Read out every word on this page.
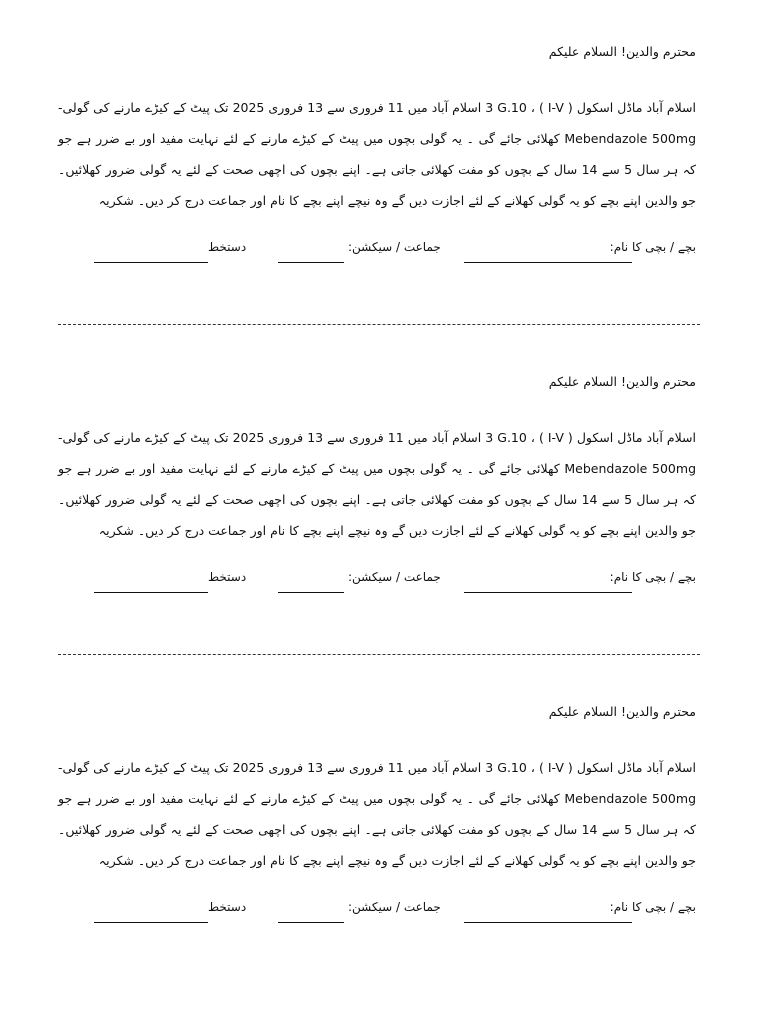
محترم والدین! السلام علیکم

اسلام آباد ماڈل اسکول ( I-V ) ، 3 G.10 اسلام آباد میں 11 فروری سے 13 فروری 2025 تک پیٹ کے کیڑے مارنے کی گولی- Mebendazole 500mg کھلائی جائے گی ۔ یہ گولی بچوں میں پیٹ کے کیڑے مارنے کے لئے نہایت مفید اور بے ضرر ہے جو کہ ہر سال 5 سے 14 سال کے بچوں کو مفت کھلائی جاتی ہے۔ اپنے بچوں کی اچھی صحت کے لئے یہ گولی ضرور کھلائیں۔ جو والدین اپنے بچے کو یہ گولی کھلانے کے لئے اجازت دیں گے وہ نیچے اپنے بچے کا نام اور جماعت درج کر دیں۔ شکریہ

بچے / بچی کا نام:
جماعت / سیکشن:
دستخط
محترم والدین! السلام علیکم

اسلام آباد ماڈل اسکول ( I-V ) ، 3 G.10 اسلام آباد میں 11 فروری سے 13 فروری 2025 تک پیٹ کے کیڑے مارنے کی گولی- Mebendazole 500mg کھلائی جائے گی ۔ یہ گولی بچوں میں پیٹ کے کیڑے مارنے کے لئے نہایت مفید اور بے ضرر ہے جو کہ ہر سال 5 سے 14 سال کے بچوں کو مفت کھلائی جاتی ہے۔ اپنے بچوں کی اچھی صحت کے لئے یہ گولی ضرور کھلائیں۔ جو والدین اپنے بچے کو یہ گولی کھلانے کے لئے اجازت دیں گے وہ نیچے اپنے بچے کا نام اور جماعت درج کر دیں۔ شکریہ

بچے / بچی کا نام:
جماعت / سیکشن:
دستخط
محترم والدین! السلام علیکم

اسلام آباد ماڈل اسکول ( I-V ) ، 3 G.10 اسلام آباد میں 11 فروری سے 13 فروری 2025 تک پیٹ کے کیڑے مارنے کی گولی- Mebendazole 500mg کھلائی جائے گی ۔ یہ گولی بچوں میں پیٹ کے کیڑے مارنے کے لئے نہایت مفید اور بے ضرر ہے جو کہ ہر سال 5 سے 14 سال کے بچوں کو مفت کھلائی جاتی ہے۔ اپنے بچوں کی اچھی صحت کے لئے یہ گولی ضرور کھلائیں۔ جو والدین اپنے بچے کو یہ گولی کھلانے کے لئے اجازت دیں گے وہ نیچے اپنے بچے کا نام اور جماعت درج کر دیں۔ شکریہ

بچے / بچی کا نام:
جماعت / سیکشن:
دستخط
